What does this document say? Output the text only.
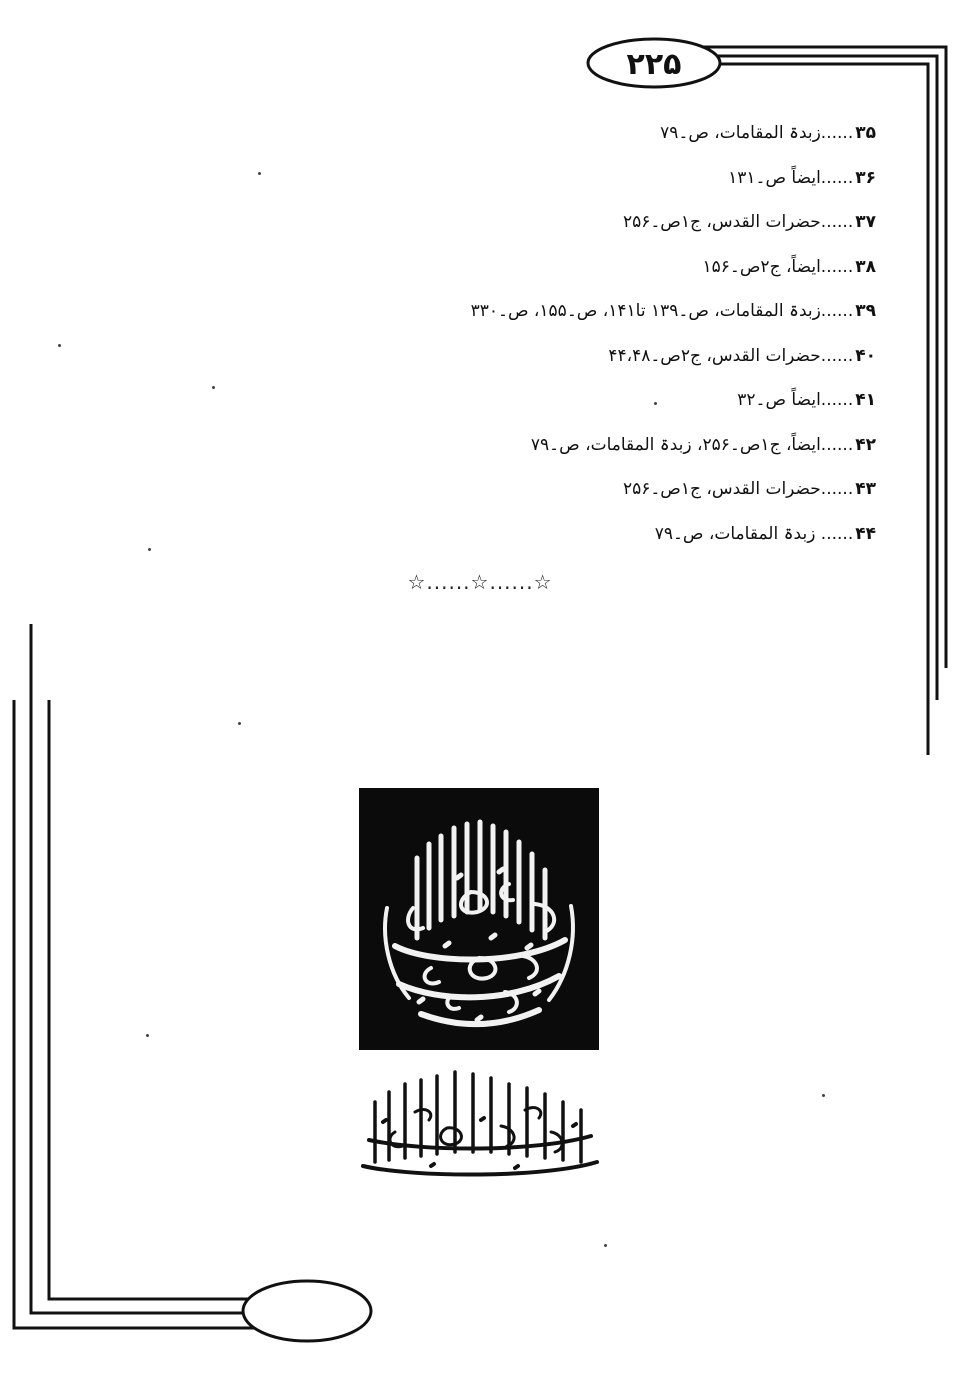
۲۲۵
۳۵......زبدۃ المقامات، ص۔۷۹
۳۶......ایضاً ص۔۱۳۱
۳۷......حضرات القدس، ج۱ص۔۲۵۶
۳۸......ایضاً، ج۲ص۔۱۵۶
۳۹......زبدۃ المقامات، ص۔۱۳۹ تا۱۴۱، ص۔۱۵۵، ص۔۳۳۰
۴۰......حضرات القدس، ج۲ص۔۴۴،۴۸
۴۱......ایضاً ص۔۳۲
۴۲......ایضاً، ج۱ص۔۲۵۶، زبدۃ المقامات، ص۔۷۹
۴۳......حضرات القدس، ج۱ص۔۲۵۶
۴۴...... زبدۃ المقامات، ص۔۷۹
☆......☆......☆
